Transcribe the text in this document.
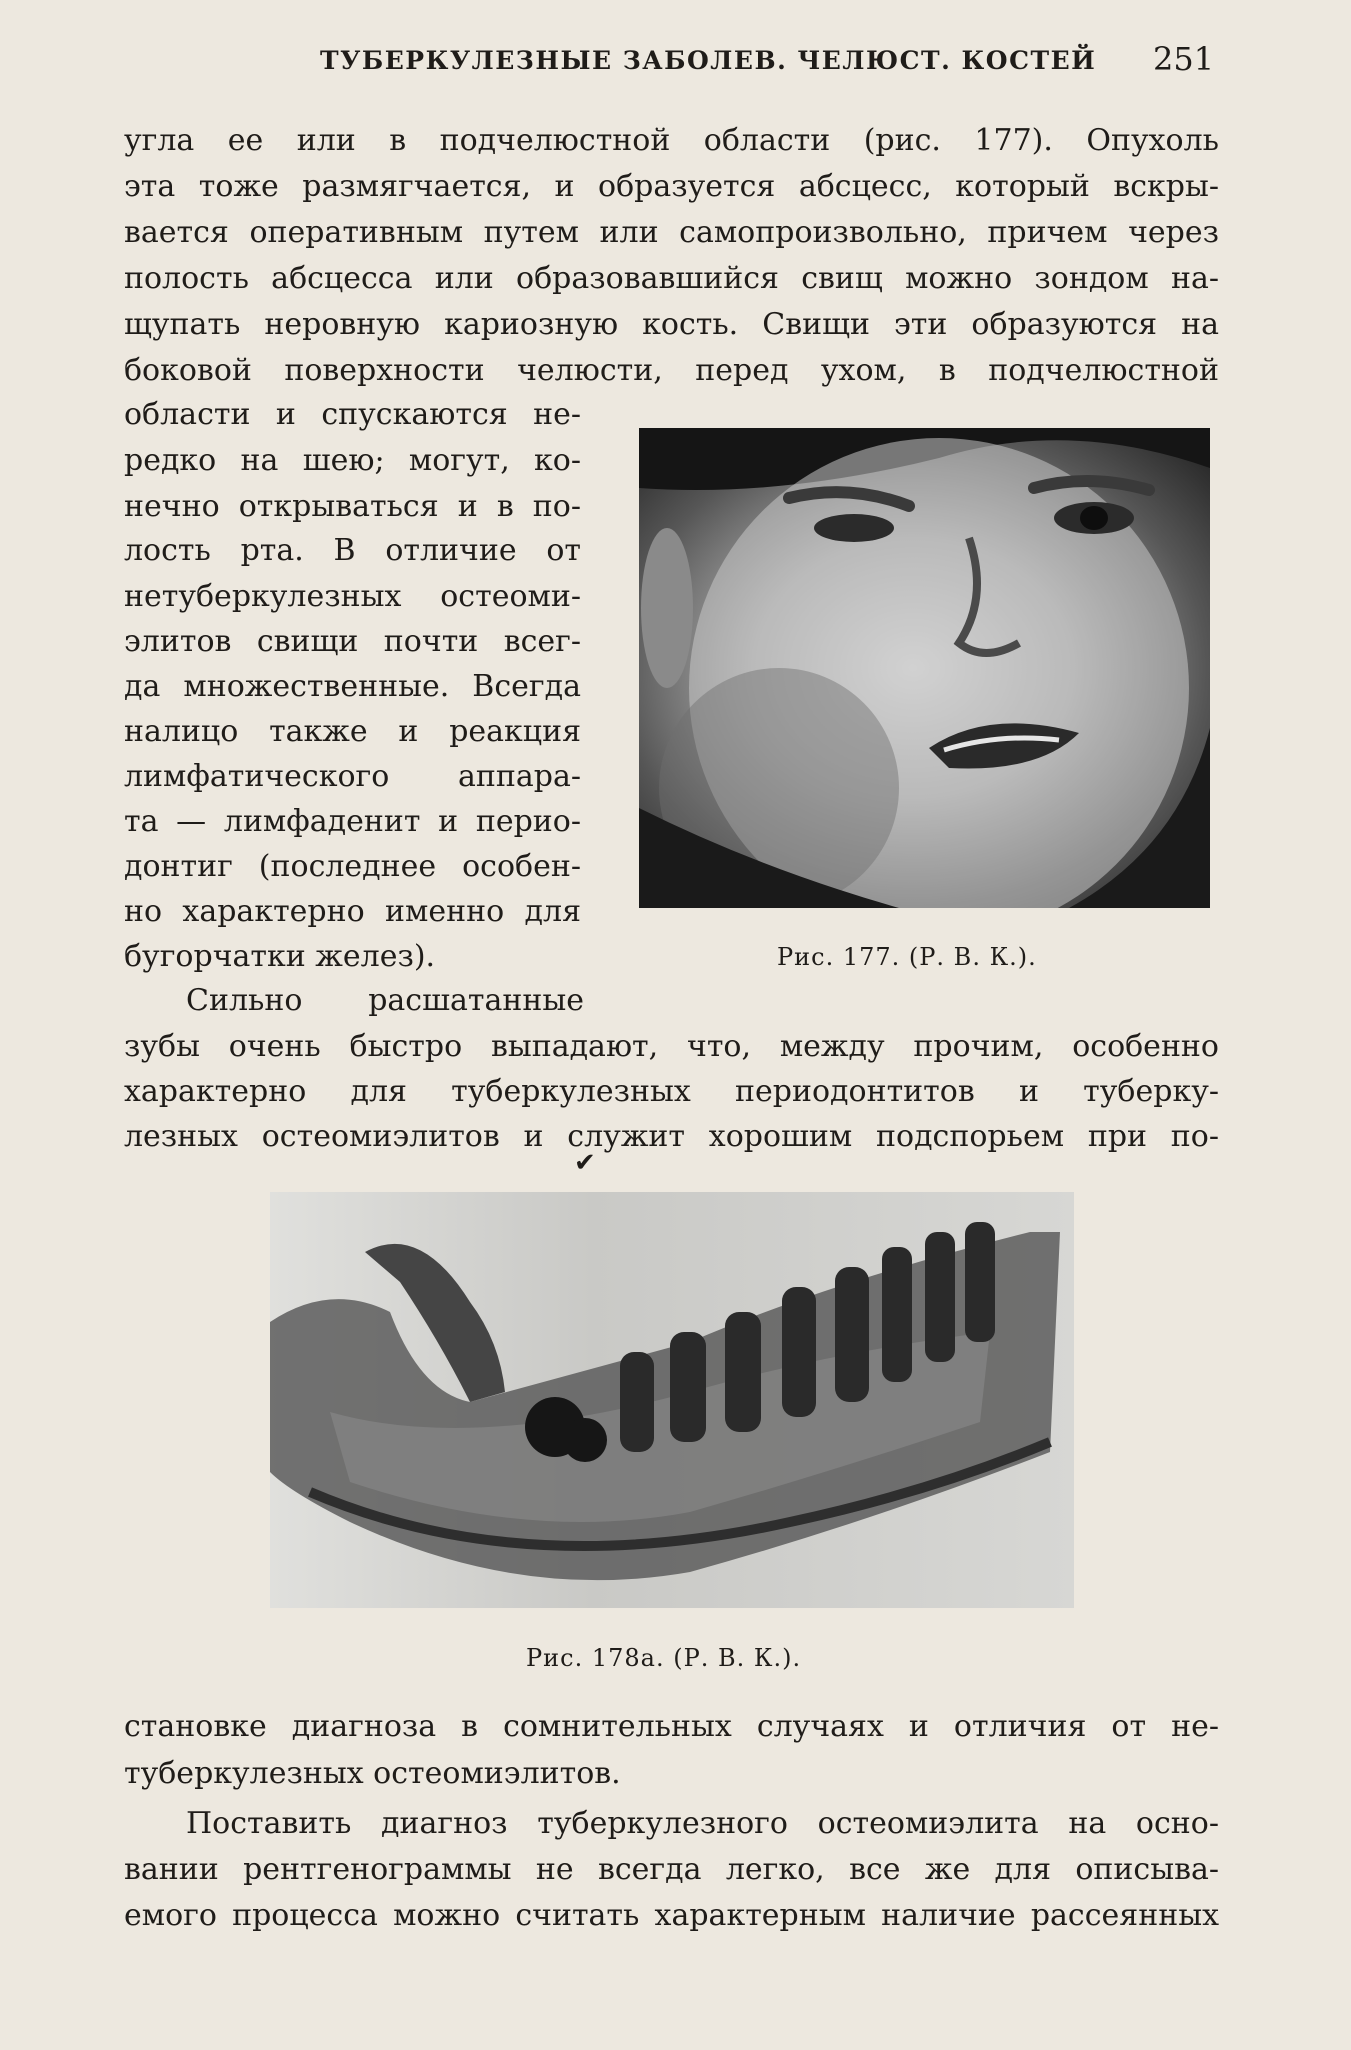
ТУБЕРКУЛЕЗНЫЕ ЗАБОЛЕВ. ЧЕЛЮСТ. КОСТЕЙ 251

угла ее или в подчелюстной области (рис. 177). Опухоль

эта тоже размягчается, и образуется абсцесс, который вскры-

вается оперативным путем или самопроизвольно, причем через

полость абсцесса или образовавшийся свищ можно зондом на-

щупать неровную кариозную кость. Свищи эти образуются на

боковой поверхности челюсти, перед ухом, в подчелюстной

области и спускаются не-

редко на шею; могут, ко-

нечно открываться и в по-

лость рта. В отличие от

нетуберкулезных остеоми-

элитов свищи почти всег-

да множественные. Всегда

налицо также и реакция

лимфатического аппара-

та — лимфаденит и перио-

донтиг (последнее особен-

но характерно именно для

бугорчатки желез).

Сильно расшатанные

зубы очень быстро выпадают, что, между прочим, особенно

характерно для туберкулезных периодонтитов и туберку-

лезных остеомиэлитов и служит хорошим подспорьем при по-

Рис. 177. (Р. В. К.).
✔
Рис. 178а. (Р. В. К.).

становке диагноза в сомнительных случаях и отличия от не-

туберкулезных остеомиэлитов.

Поставить диагноз туберкулезного остеомиэлита на осно-

вании рентгенограммы не всегда легко, все же для описыва-

емого процесса можно считать характерным наличие рассеянных
